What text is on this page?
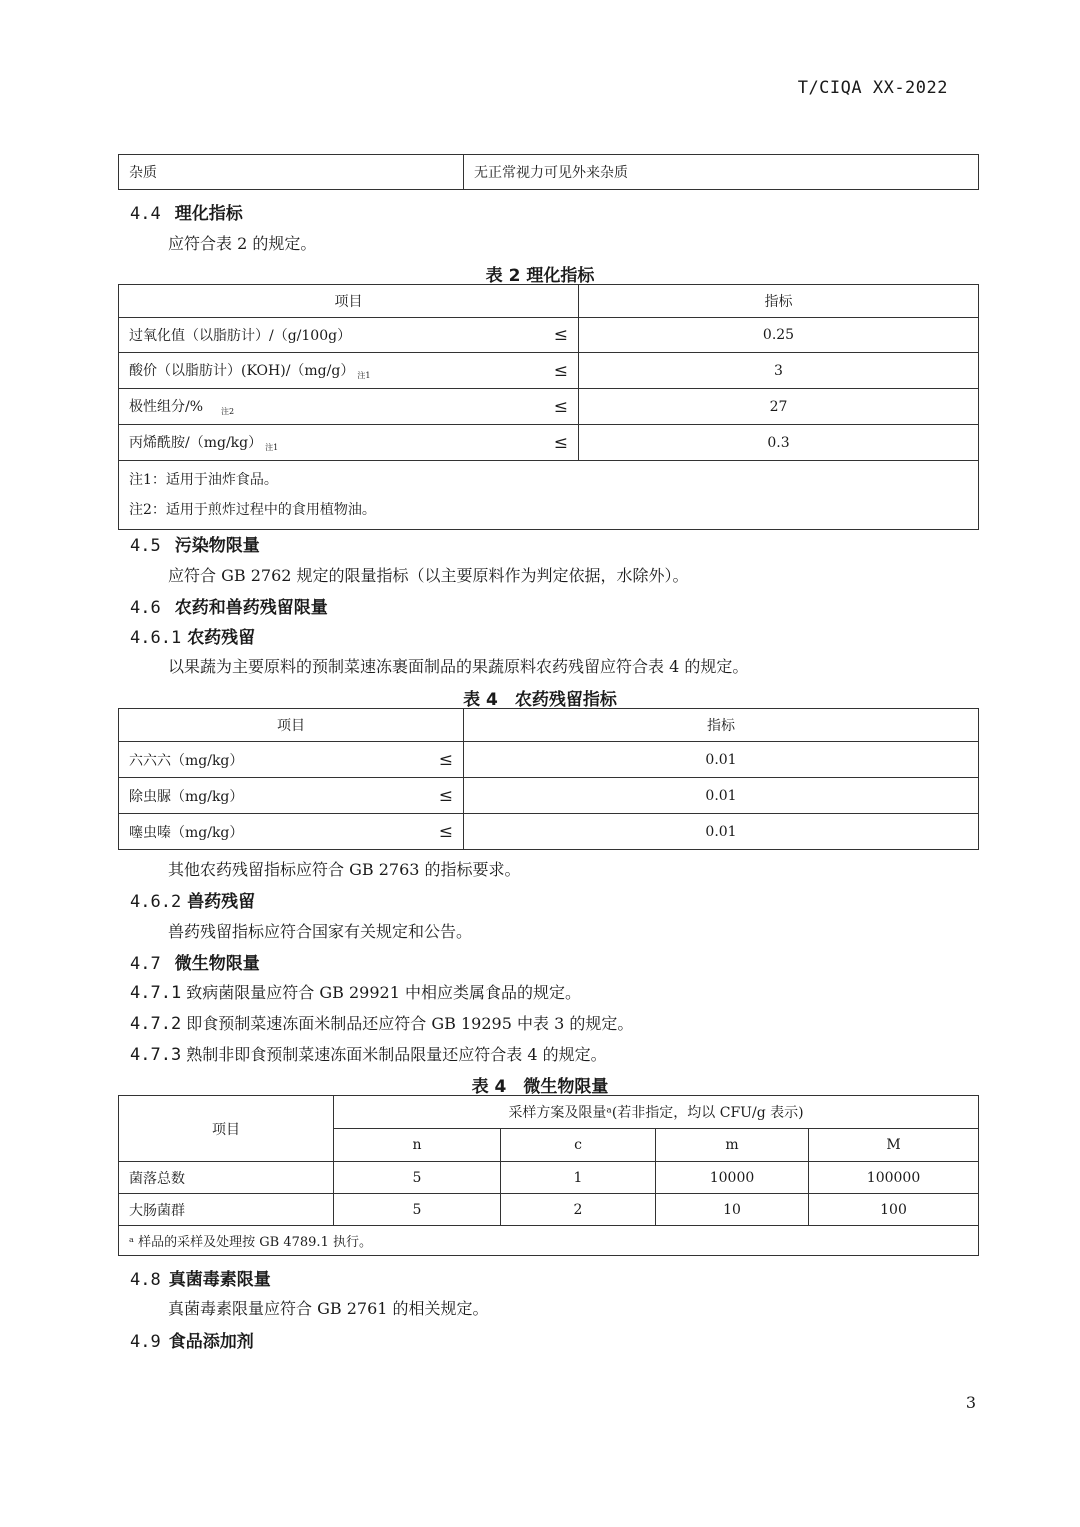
T/CIQA XX-2022
3
杂质	无正常视力可见外来杂质
4.4 理化指标
应符合表 2 的规定。
表 2 理化指标
项目		指标
过氧化值（以脂肪计）/（g/100g）	≤	0.25
酸价（以脂肪计）(KOH)/（mg/g） $_{注1}$	≤	3
极性组分/% $_{注2}$	≤	27
丙烯酰胺/（mg/kg） $_{注1}$	≤	0.3

注1：适用于油炸食品。
注2：适用于煎炸过程中的食用植物油。		
4.5 污染物限量
应符合 GB 2762 规定的限量指标（以主要原料作为判定依据，水除外）。
4.6 农药和兽药残留限量
4.6.1 农药残留
以果蔬为主要原料的预制菜速冻裹面制品的果蔬原料农药残留应符合表 4 的规定。
表 4　农药残留指标
项目		指标
六六六（mg/kg）	≤	0.01
除虫脲（mg/kg）	≤	0.01
噻虫嗪（mg/kg）	≤	0.01
其他农药残留指标应符合 GB 2763 的指标要求。
4.6.2 兽药残留
兽药残留指标应符合国家有关规定和公告。
4.7 微生物限量
4.7.1 致病菌限量应符合 GB 29921 中相应类属食品的规定。
4.7.2 即食预制菜速冻面米制品还应符合 GB 19295 中表 3 的规定。
4.7.3 熟制非即食预制菜速冻面米制品限量还应符合表 4 的规定。
表 4　微生物限量
项目	采样方案及限量ᵃ(若非指定，均以 CFU/g 表示)			
	n	c	m	M
菌落总数	5	1	10000	100000
大肠菌群	5	2	10	100
ᵃ 样品的采样及处理按 GB 4789.1 执行。				
4.8 真菌毒素限量
真菌毒素限量应符合 GB 2761 的相关规定。
4.9 食品添加剂
